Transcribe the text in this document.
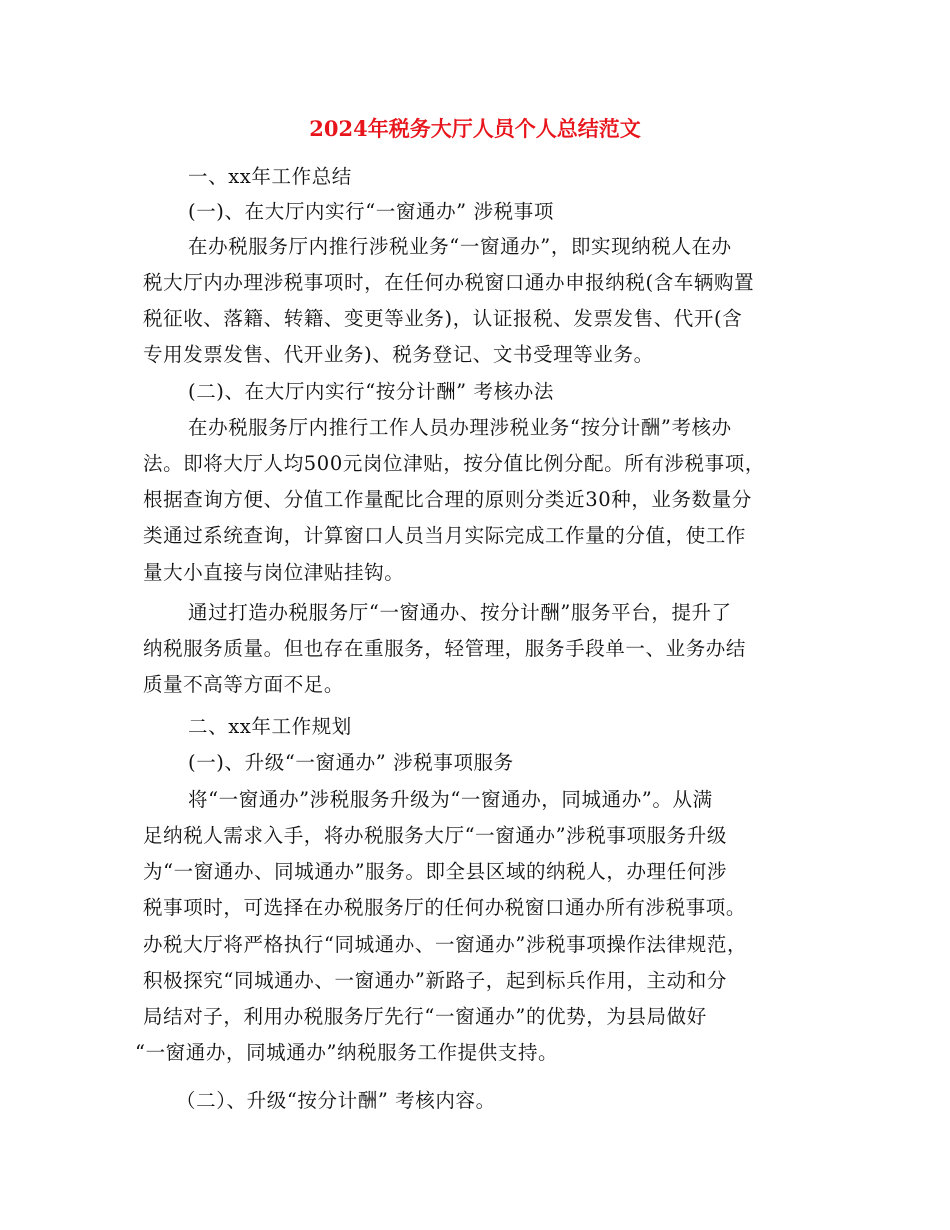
2024年税务大厅人员个人总结范文
一、xx年工作总结
(一)、在大厅内实行“一窗通办” 涉税事项
在办税服务厅内推行涉税业务“一窗通办”，即实现纳税人在办
税大厅内办理涉税事项时，在任何办税窗口通办申报纳税(含车辆购置
税征收、落籍、转籍、变更等业务)，认证报税、发票发售、代开(含
专用发票发售、代开业务)、税务登记、文书受理等业务。
(二)、在大厅内实行“按分计酬” 考核办法
在办税服务厅内推行工作人员办理涉税业务“按分计酬”考核办
法。即将大厅人均500元岗位津贴，按分值比例分配。所有涉税事项，
根据查询方便、分值工作量配比合理的原则分类近30种，业务数量分
类通过系统查询，计算窗口人员当月实际完成工作量的分值，使工作
量大小直接与岗位津贴挂钩。
通过打造办税服务厅“一窗通办、按分计酬”服务平台，提升了
纳税服务质量。但也存在重服务，轻管理，服务手段单一、业务办结
质量不高等方面不足。
二、xx年工作规划
(一)、升级“一窗通办” 涉税事项服务
将“一窗通办”涉税服务升级为“一窗通办，同城通办”。从满
足纳税人需求入手，将办税服务大厅“一窗通办”涉税事项服务升级
为“一窗通办、同城通办”服务。即全县区域的纳税人，办理任何涉
税事项时，可选择在办税服务厅的任何办税窗口通办所有涉税事项。
办税大厅将严格执行“同城通办、一窗通办”涉税事项操作法律规范，
积极探究“同城通办、一窗通办”新路子，起到标兵作用，主动和分
局结对子，利用办税服务厅先行“一窗通办”的优势，为县局做好
“一窗通办，同城通办”纳税服务工作提供支持。
（二）、升级“按分计酬” 考核内容。
